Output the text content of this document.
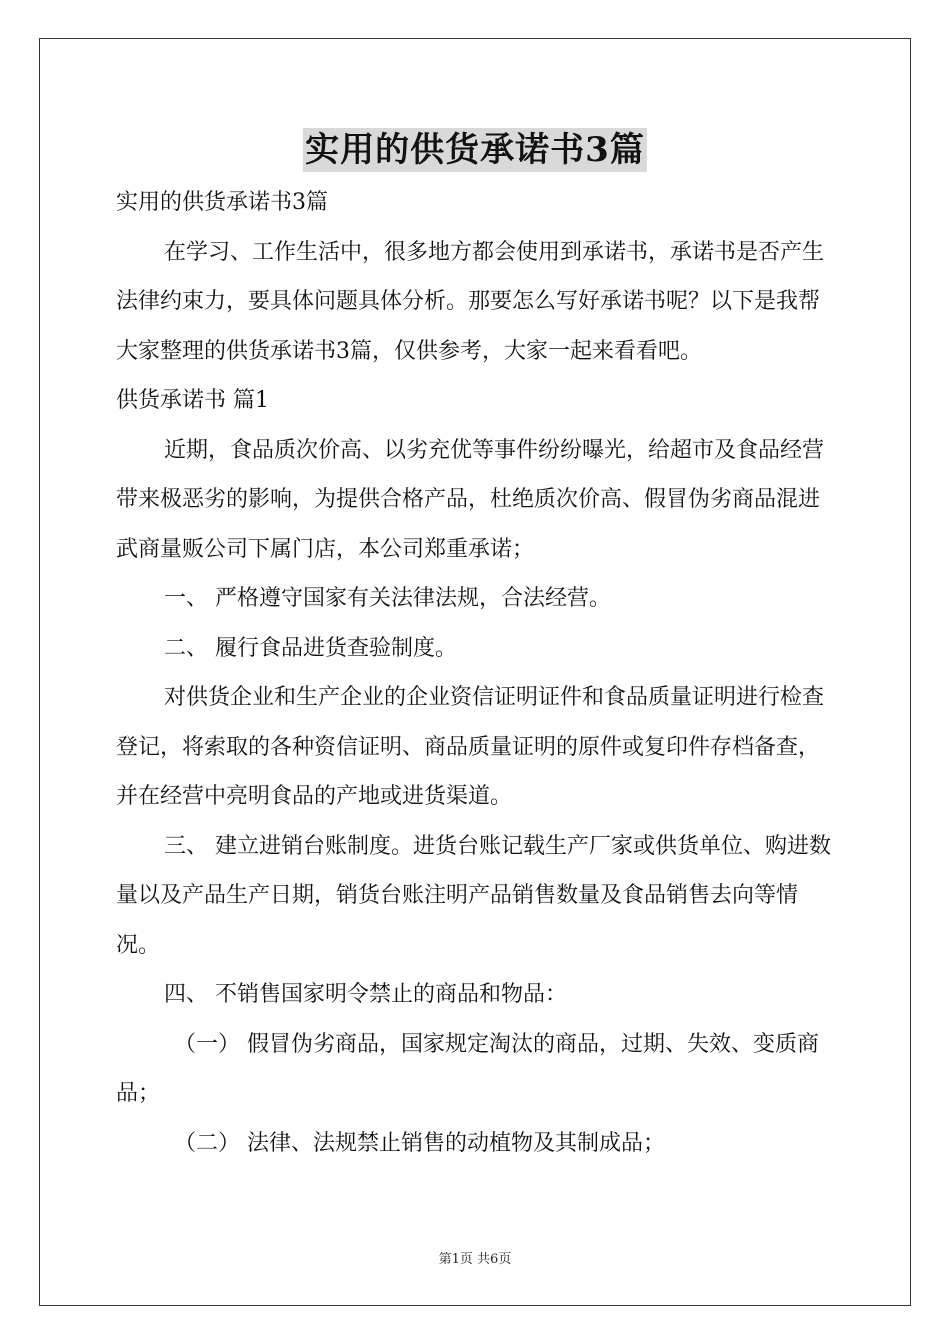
实用的供货承诺书3篇

实用的供货承诺书3篇

在学习、工作生活中，很多地方都会使用到承诺书，承诺书是否产生法律约束力，要具体问题具体分析。那要怎么写好承诺书呢？以下是我帮大家整理的供货承诺书3篇，仅供参考，大家一起来看看吧。

供货承诺书 篇1

近期，食品质次价高、以劣充优等事件纷纷曝光，给超市及食品经营带来极恶劣的影响，为提供合格产品，杜绝质次价高、假冒伪劣商品混进武商量贩公司下属门店，本公司郑重承诺；

一、 严格遵守国家有关法律法规，合法经营。

二、 履行食品进货查验制度。

对供货企业和生产企业的企业资信证明证件和食品质量证明进行检查登记，将索取的各种资信证明、商品质量证明的原件或复印件存档备查，并在经营中亮明食品的产地或进货渠道。

三、 建立进销台账制度。进货台账记载生产厂家或供货单位、购进数量以及产品生产日期，销货台账注明产品销售数量及食品销售去向等情况。

四、 不销售国家明令禁止的商品和物品：

（一） 假冒伪劣商品，国家规定淘汰的商品，过期、失效、变质商品；

（二） 法律、法规禁止销售的动植物及其制成品；

第1页 共6页
